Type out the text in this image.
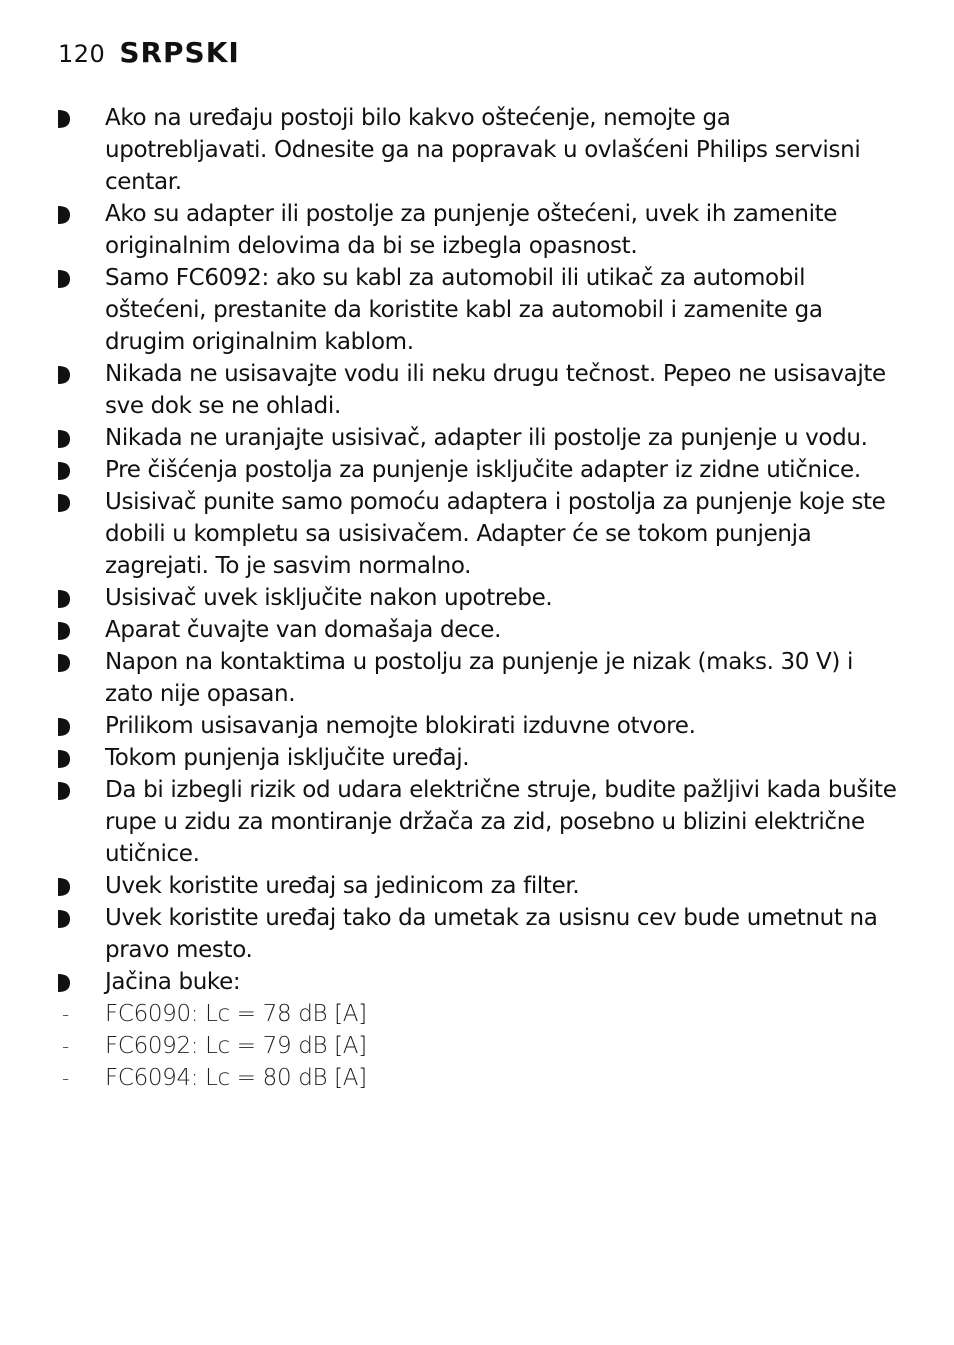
120 SRPSKI
Ako na uređaju postoji bilo kakvo oštećenje, nemojte ga upotrebljavati. Odnesite ga na popravak u ovlašćeni Philips servisni centar.
Ako su adapter ili postolje za punjenje oštećeni, uvek ih zamenite originalnim delovima da bi se izbegla opasnost.
Samo FC6092: ako su kabl za automobil ili utikač za automobil oštećeni, prestanite da koristite kabl za automobil i zamenite ga drugim originalnim kablom.
Nikada ne usisavajte vodu ili neku drugu tečnost. Pepeo ne usisavajte sve dok se ne ohladi.
Nikada ne uranjajte usisivač, adapter ili postolje za punjenje u vodu.
Pre čišćenja postolja za punjenje isključite adapter iz zidne utičnice.
Usisivač punite samo pomoću adaptera i postolja za punjenje koje ste dobili u kompletu sa usisivačem. Adapter će se tokom punjenja zagrejati. To je sasvim normalno.
Usisivač uvek isključite nakon upotrebe.
Aparat čuvajte van domašaja dece.
Napon na kontaktima u postolju za punjenje je nizak (maks. 30 V) i zato nije opasan.
Prilikom usisavanja nemojte blokirati izduvne otvore.
Tokom punjenja isključite uređaj.
Da bi izbegli rizik od udara električne struje, budite pažljivi kada bušite rupe u zidu za montiranje držača za zid, posebno u blizini električne utičnice.
Uvek koristite uređaj sa jedinicom za filter.
Uvek koristite uređaj tako da umetak za usisnu cev bude umetnut na pravo mesto.
Jačina buke:
- FC6090: Lc = 78 dB [A]
- FC6092: Lc = 79 dB [A]
- FC6094: Lc = 80 dB [A]
